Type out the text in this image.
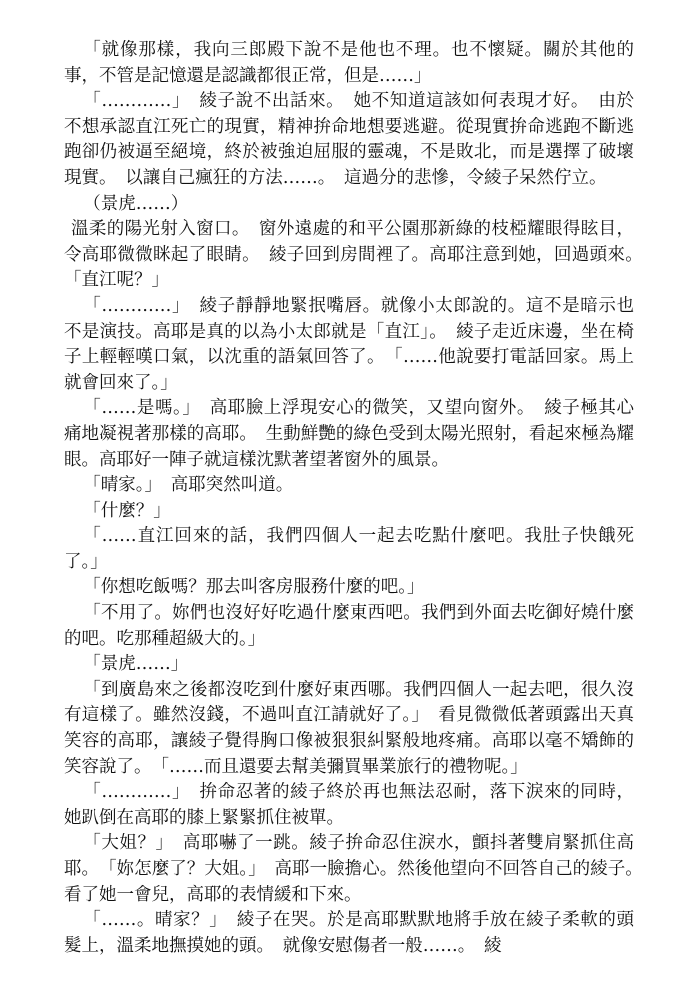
「就像那樣，我向三郎殿下說不是他也不理。也不懷疑。關於其他的事，不管是記憶還是認識都很正常，但是……」

「…………」　綾子說不出話來。　她不知道這該如何表現才好。　由於不想承認直江死亡的現實，精神拚命地想要逃避。從現實拚命逃跑不斷逃跑卻仍被逼至絕境，終於被強迫屈服的靈魂，不是敗北，而是選擇了破壞現實。　以讓自己瘋狂的方法……。　這過分的悲慘，令綾子呆然佇立。

（景虎……）

溫柔的陽光射入窗口。　窗外遠處的和平公園那新綠的枝椏耀眼得眩目，令高耶微微眯起了眼睛。　綾子回到房間裡了。高耶注意到她，回過頭來。　「直江呢？」

「…………」　綾子靜靜地緊抿嘴唇。就像小太郎說的。這不是暗示也不是演技。高耶是真的以為小太郎就是「直江」。　綾子走近床邊，坐在椅子上輕輕嘆口氣，以沈重的語氣回答了。　「……他說要打電話回家。馬上就會回來了。」

「……是嗎。」　高耶臉上浮現安心的微笑，又望向窗外。　綾子極其心痛地凝視著那樣的高耶。　生動鮮艷的綠色受到太陽光照射，看起來極為耀眼。高耶好一陣子就這樣沈默著望著窗外的風景。

「晴家。」　高耶突然叫道。

「什麼？」

「……直江回來的話，我們四個人一起去吃點什麼吧。我肚子快餓死了。」

「你想吃飯嗎？那去叫客房服務什麼的吧。」

「不用了。妳們也沒好好吃過什麼東西吧。我們到外面去吃御好燒什麼的吧。吃那種超級大的。」

「景虎……」

「到廣島來之後都沒吃到什麼好東西哪。我們四個人一起去吧，很久沒有這樣了。雖然沒錢，不過叫直江請就好了。」　看見微微低著頭露出天真笑容的高耶，讓綾子覺得胸口像被狠狠糾緊般地疼痛。高耶以毫不矯飾的笑容說了。　「……而且還要去幫美彌買畢業旅行的禮物呢。」

「…………」　拚命忍著的綾子終於再也無法忍耐，落下淚來的同時，她趴倒在高耶的膝上緊緊抓住被單。

「大姐？」　高耶嚇了一跳。綾子拚命忍住淚水，顫抖著雙肩緊抓住高耶。　「妳怎麼了？大姐。」　高耶一臉擔心。然後他望向不回答自己的綾子。　看了她一會兒，高耶的表情緩和下來。

「……。晴家？」　綾子在哭。於是高耶默默地將手放在綾子柔軟的頭髮上，溫柔地撫摸她的頭。　就像安慰傷者一般……。　綾
